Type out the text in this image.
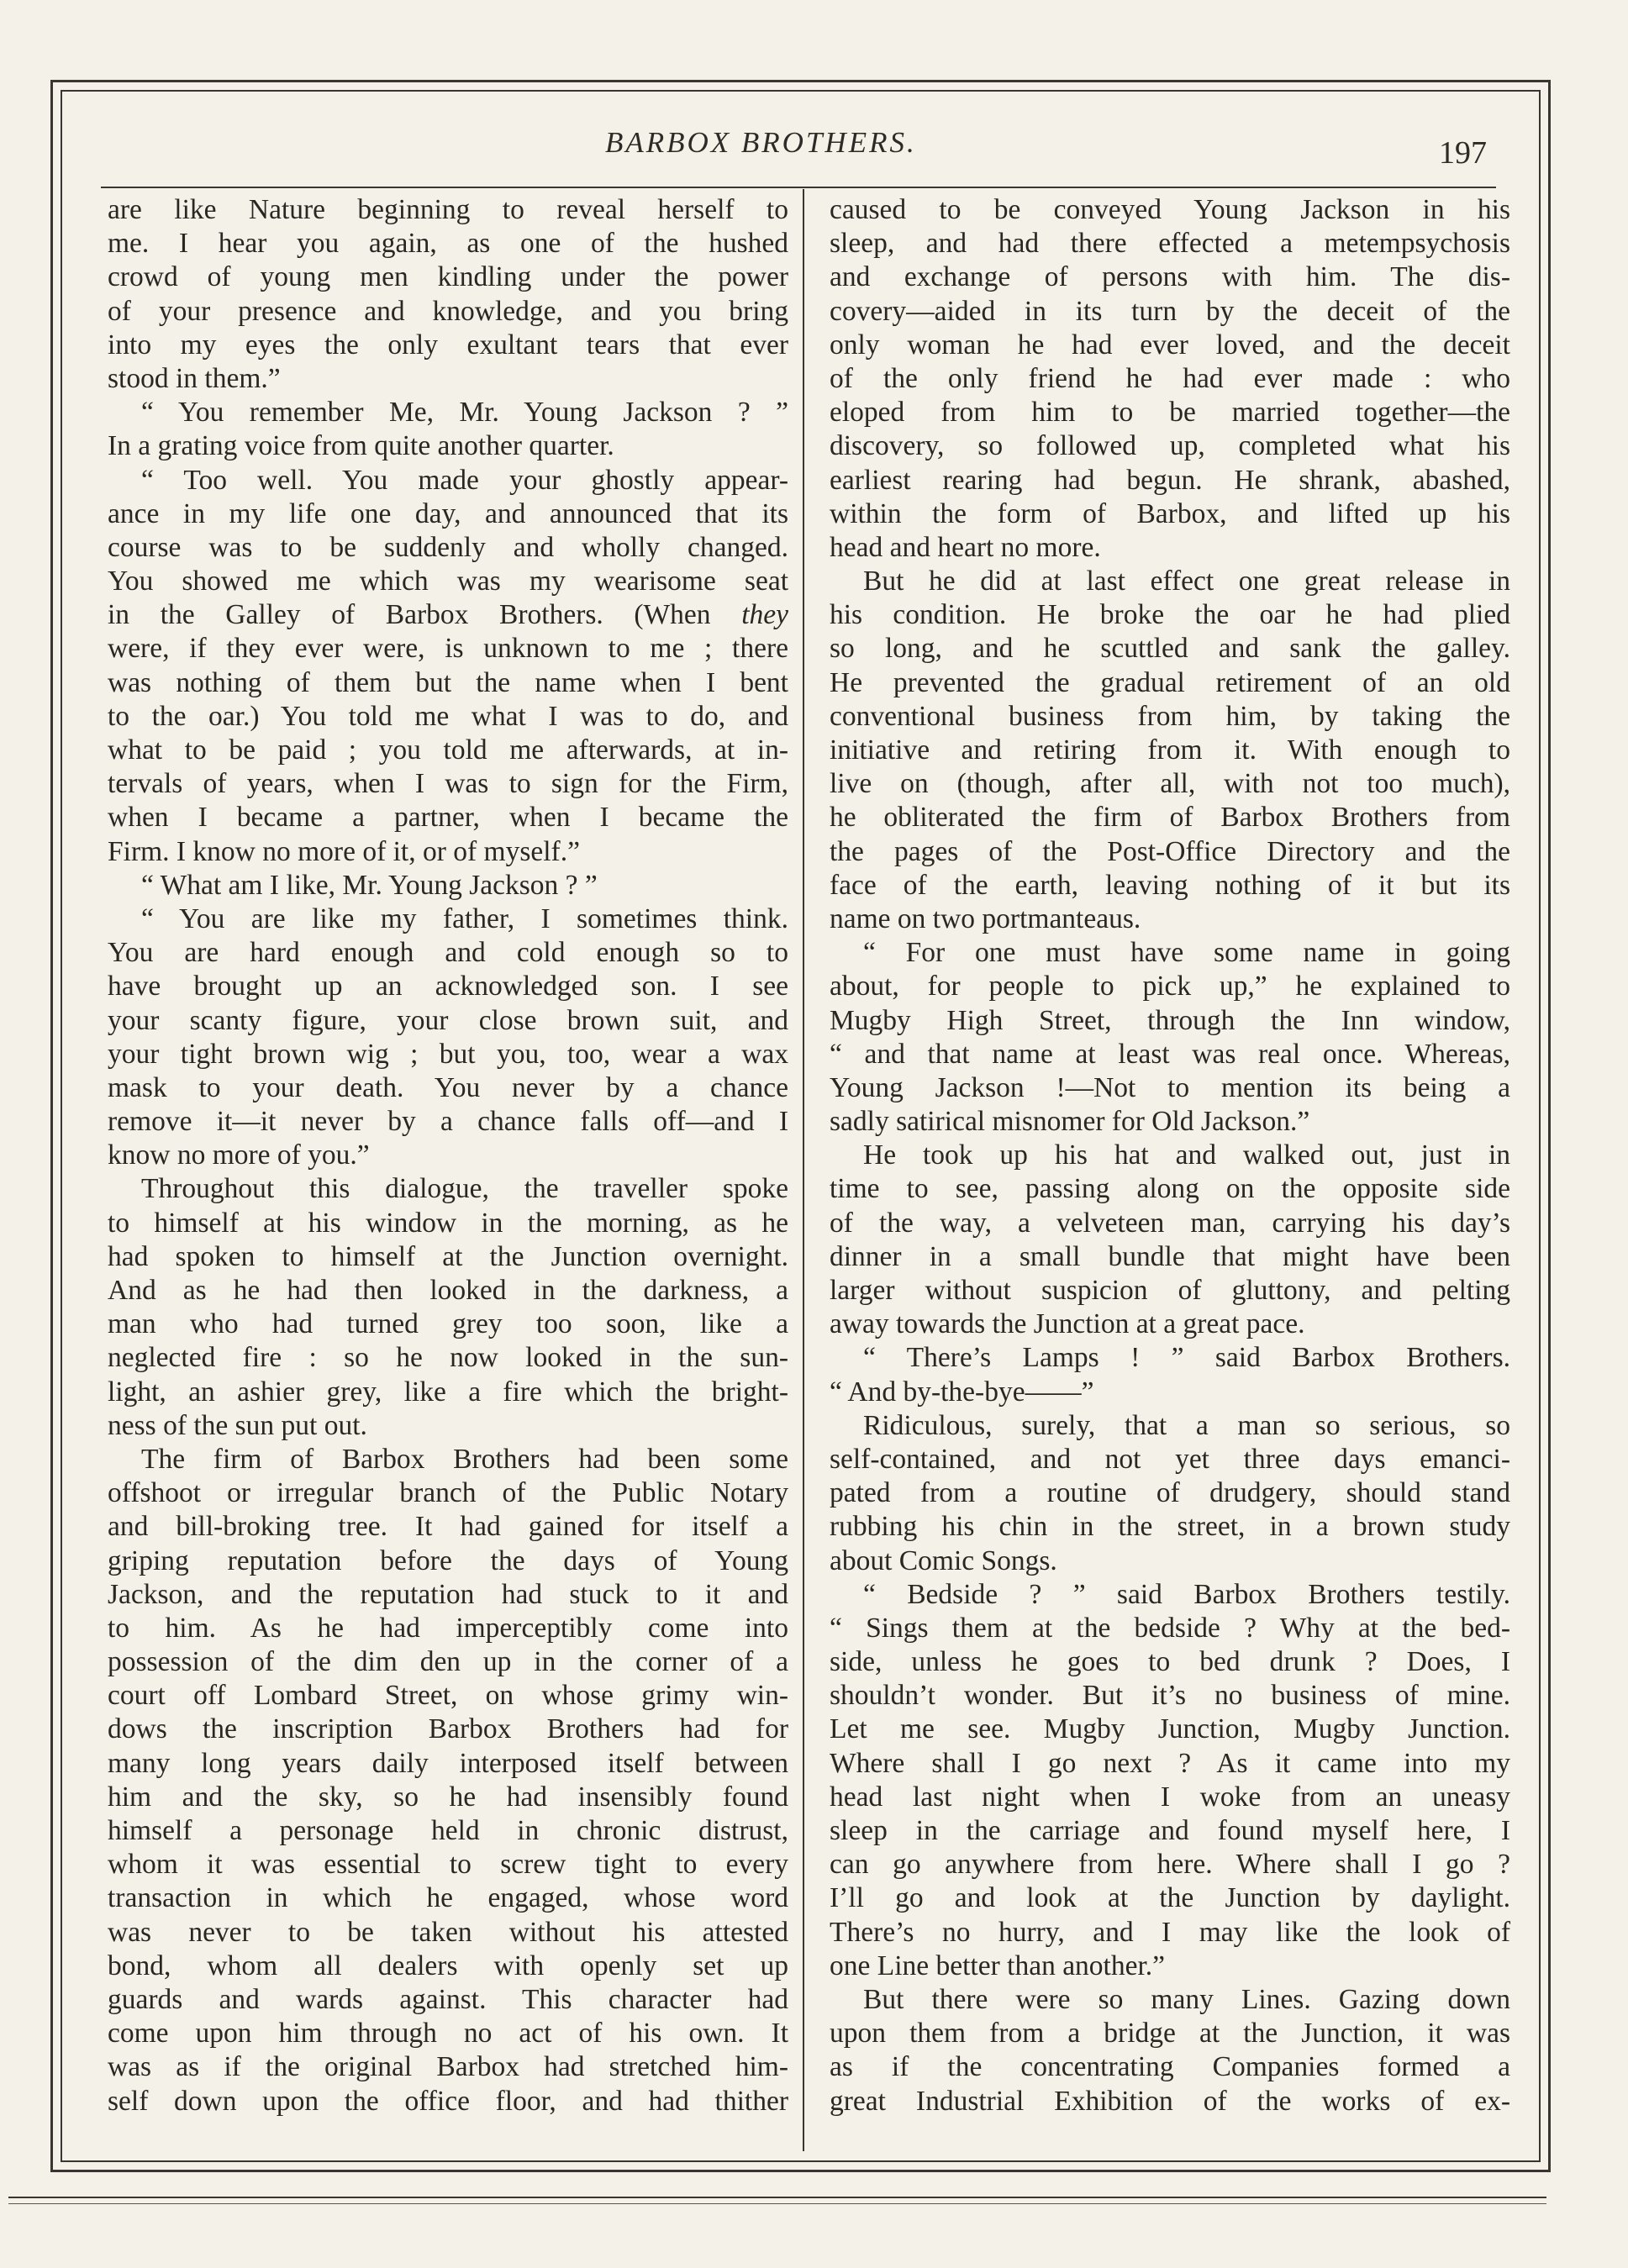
BARBOX BROTHERS.	197
are like Nature beginning to reveal herself to
me. I hear you again, as one of the hushed
crowd of young men kindling under the power
of your presence and knowledge, and you bring
into my eyes the only exultant tears that ever
stood in them.”
“ You remember Me, Mr. Young Jackson ? ”
In a grating voice from quite another quarter.
“ Too well. You made your ghostly appear-
ance in my life one day, and announced that its
course was to be suddenly and wholly changed.
You showed me which was my wearisome seat
in the Galley of Barbox Brothers. (When they
were, if they ever were, is unknown to me ; there
was nothing of them but the name when I bent
to the oar.) You told me what I was to do, and
what to be paid ; you told me afterwards, at in-
tervals of years, when I was to sign for the Firm,
when I became a partner, when I became the
Firm. I know no more of it, or of myself.”
“ What am I like, Mr. Young Jackson ? ”
“ You are like my father, I sometimes think.
You are hard enough and cold enough so to
have brought up an acknowledged son. I see
your scanty figure, your close brown suit, and
your tight brown wig ; but you, too, wear a wax
mask to your death. You never by a chance
remove it—it never by a chance falls off—and I
know no more of you.”
Throughout this dialogue, the traveller spoke
to himself at his window in the morning, as he
had spoken to himself at the Junction overnight.
And as he had then looked in the darkness, a
man who had turned grey too soon, like a
neglected fire : so he now looked in the sun-
light, an ashier grey, like a fire which the bright-
ness of the sun put out.
The firm of Barbox Brothers had been some
offshoot or irregular branch of the Public Notary
and bill-broking tree. It had gained for itself a
griping reputation before the days of Young
Jackson, and the reputation had stuck to it and
to him. As he had imperceptibly come into
possession of the dim den up in the corner of a
court off Lombard Street, on whose grimy win-
dows the inscription Barbox Brothers had for
many long years daily interposed itself between
him and the sky, so he had insensibly found
himself a personage held in chronic distrust,
whom it was essential to screw tight to every
transaction in which he engaged, whose word
was never to be taken without his attested
bond, whom all dealers with openly set up
guards and wards against. This character had
come upon him through no act of his own. It
was as if the original Barbox had stretched him-
self down upon the office floor, and had thither
caused to be conveyed Young Jackson in his
sleep, and had there effected a metempsychosis
and exchange of persons with him. The dis-
covery—aided in its turn by the deceit of the
only woman he had ever loved, and the deceit
of the only friend he had ever made : who
eloped from him to be married together—the
discovery, so followed up, completed what his
earliest rearing had begun. He shrank, abashed,
within the form of Barbox, and lifted up his
head and heart no more.
But he did at last effect one great release in
his condition. He broke the oar he had plied
so long, and he scuttled and sank the galley.
He prevented the gradual retirement of an old
conventional business from him, by taking the
initiative and retiring from it. With enough to
live on (though, after all, with not too much),
he obliterated the firm of Barbox Brothers from
the pages of the Post-Office Directory and the
face of the earth, leaving nothing of it but its
name on two portmanteaus.
“ For one must have some name in going
about, for people to pick up,” he explained to
Mugby High Street, through the Inn window,
“ and that name at least was real once. Whereas,
Young Jackson !—Not to mention its being a
sadly satirical misnomer for Old Jackson.”
He took up his hat and walked out, just in
time to see, passing along on the opposite side
of the way, a velveteen man, carrying his day’s
dinner in a small bundle that might have been
larger without suspicion of gluttony, and pelting
away towards the Junction at a great pace.
“ There’s Lamps ! ” said Barbox Brothers.
“ And by-the-bye——”
Ridiculous, surely, that a man so serious, so
self-contained, and not yet three days emanci-
pated from a routine of drudgery, should stand
rubbing his chin in the street, in a brown study
about Comic Songs.
“ Bedside ? ” said Barbox Brothers testily.
“ Sings them at the bedside ? Why at the bed-
side, unless he goes to bed drunk ? Does, I
shouldn’t wonder. But it’s no business of mine.
Let me see. Mugby Junction, Mugby Junction.
Where shall I go next ? As it came into my
head last night when I woke from an uneasy
sleep in the carriage and found myself here, I
can go anywhere from here. Where shall I go ?
I’ll go and look at the Junction by daylight.
There’s no hurry, and I may like the look of
one Line better than another.”
But there were so many Lines. Gazing down
upon them from a bridge at the Junction, it was
as if the concentrating Companies formed a
great Industrial Exhibition of the works of ex-
